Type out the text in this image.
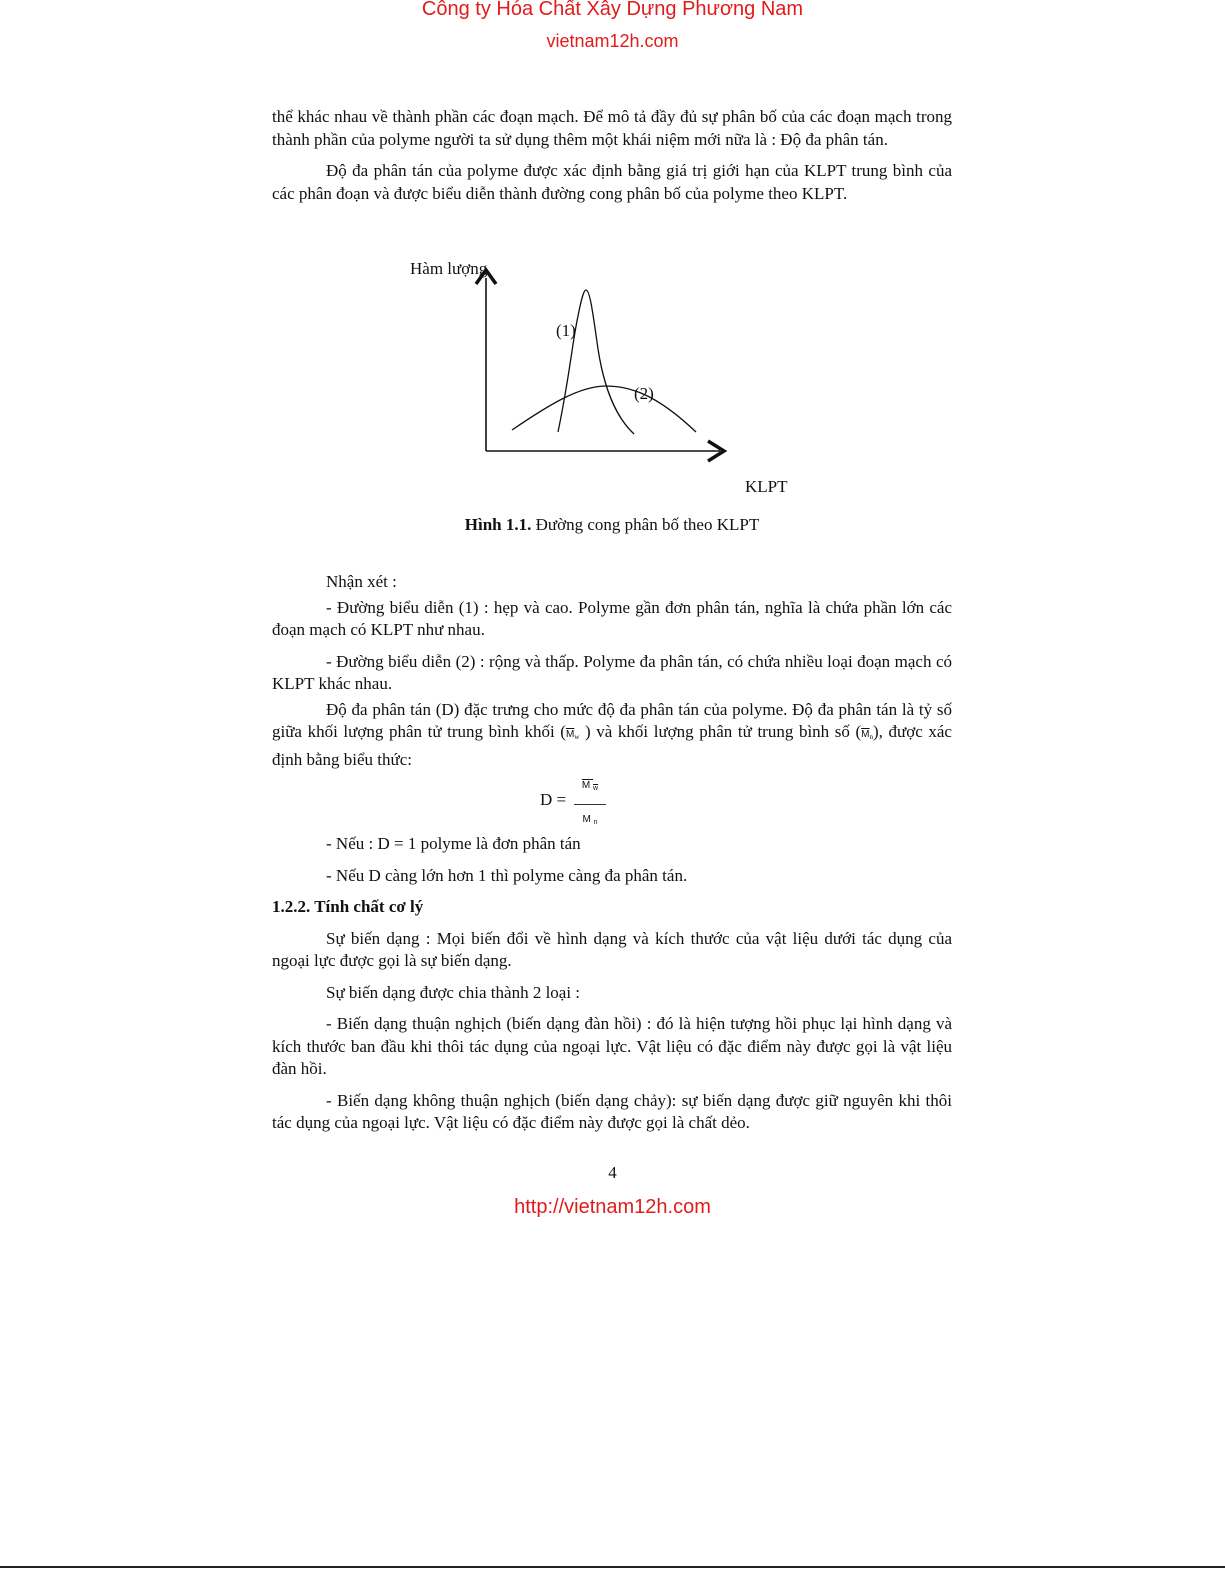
Công ty Hóa Chất Xây Dựng Phương Nam
vietnam12h.com

thể khác nhau về thành phần các đoạn mạch. Để mô tả đầy đủ sự phân bố của các đoạn mạch trong thành phần của polyme người ta sử dụng thêm một khái niệm mới nữa là : Độ đa phân tán.

Độ đa phân tán của polyme được xác định bằng giá trị giới hạn của KLPT trung bình của các phân đoạn và được biểu diễn thành đường cong phân bố của polyme theo KLPT.

Hàm lượng
(1)
(2)
KLPT
Hình 1.1. Đường cong phân bố theo KLPT

Nhận xét :

- Đường biểu diễn (1) : hẹp và cao. Polyme gần đơn phân tán, nghĩa là chứa phần lớn các đoạn mạch có KLPT như nhau.

- Đường biểu diễn (2) : rộng và thấp. Polyme đa phân tán, có chứa nhiều loại đoạn mạch có KLPT khác nhau.

Độ đa phân tán (D) đặc trưng cho mức độ đa phân tán của polyme. Độ đa phân tán là tỷ số giữa khối lượng phân tử trung bình khối ($\overline{M}_w$ ) và khối lượng phân tử trung bình số $(\overline{M}_n)$, được xác định bằng biểu thức:

D =
M $_w$
M $_n$

- Nếu : D = 1 polyme là đơn phân tán

- Nếu D càng lớn hơn 1 thì polyme càng đa phân tán.

1.2.2. Tính chất cơ lý

Sự biến dạng : Mọi biến đổi về hình dạng và kích thước của vật liệu dưới tác dụng của ngoại lực được gọi là sự biến dạng.

Sự biến dạng được chia thành 2 loại :

- Biến dạng thuận nghịch (biến dạng đàn hồi) : đó là hiện tượng hồi phục lại hình dạng và kích thước ban đầu khi thôi tác dụng của ngoại lực. Vật liệu có đặc điểm này được gọi là vật liệu đàn hồi.

- Biến dạng không thuận nghịch (biến dạng chảy): sự biến dạng được giữ nguyên khi thôi tác dụng của ngoại lực. Vật liệu có đặc điểm này được gọi là chất dẻo.

4
http://vietnam12h.com
